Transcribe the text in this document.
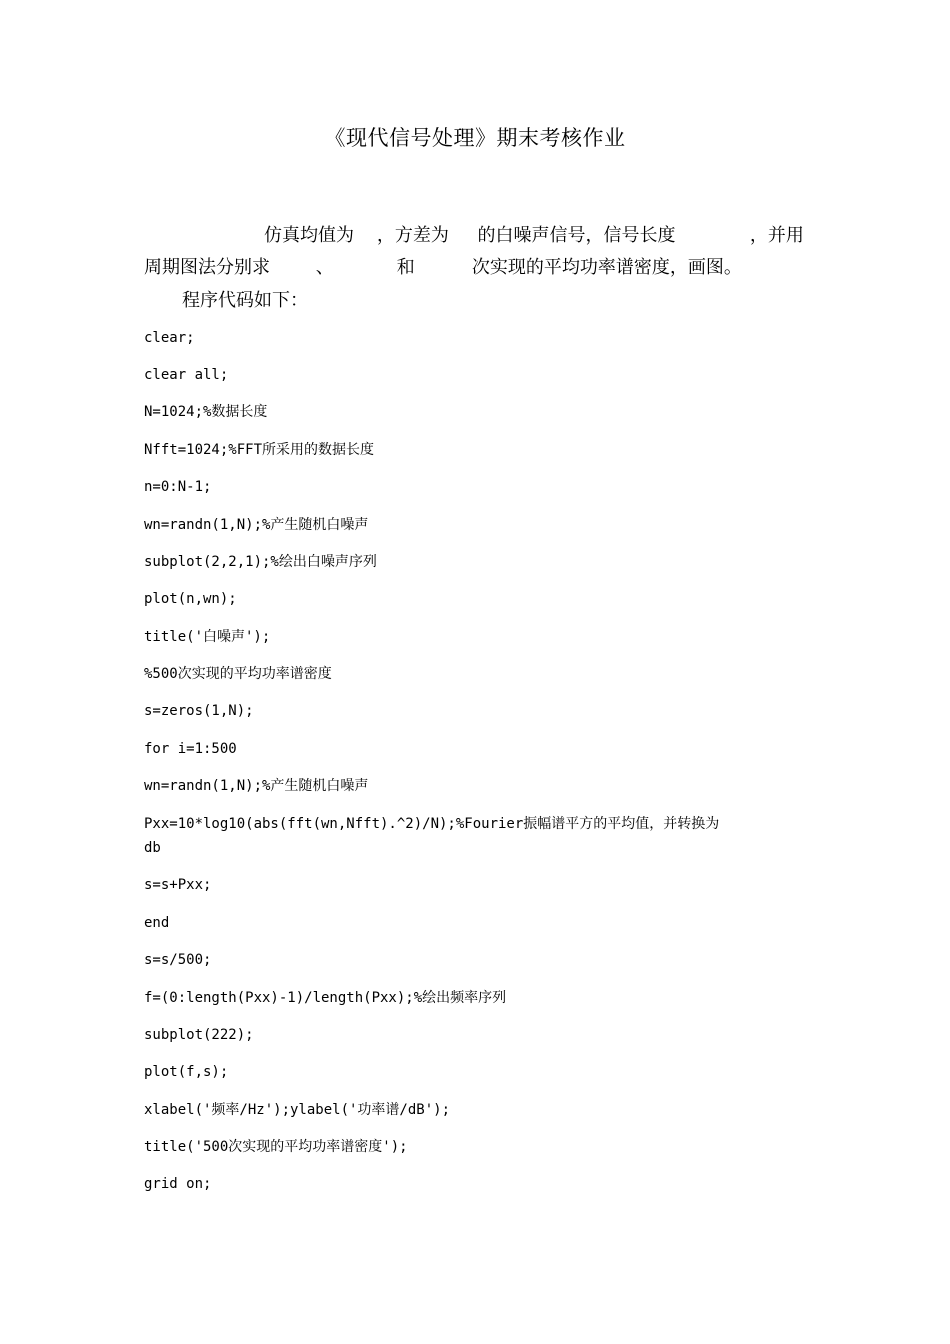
《现代信号处理》期末考核作业
仿真均值为    ，方差为     的白噪声信号，信号长度             ，并用
周期图法分别求        、           和          次实现的平均功率谱密度，画图。
程序代码如下：
clear;
clear all;
N=1024;%数据长度
Nfft=1024;%FFT所采用的数据长度
n=0:N-1;
wn=randn(1,N);%产生随机白噪声
subplot(2,2,1);%绘出白噪声序列
plot(n,wn);
title('白噪声');
%500次实现的平均功率谱密度
s=zeros(1,N);
for i=1:500
wn=randn(1,N);%产生随机白噪声
Pxx=10*log10(abs(fft(wn,Nfft).^2)/N);%Fourier振幅谱平方的平均值，并转换为
db
s=s+Pxx;
end
s=s/500;
f=(0:length(Pxx)-1)/length(Pxx);%绘出频率序列
subplot(222);
plot(f,s);
xlabel('频率/Hz');ylabel('功率谱/dB');
title('500次实现的平均功率谱密度');
grid on;
